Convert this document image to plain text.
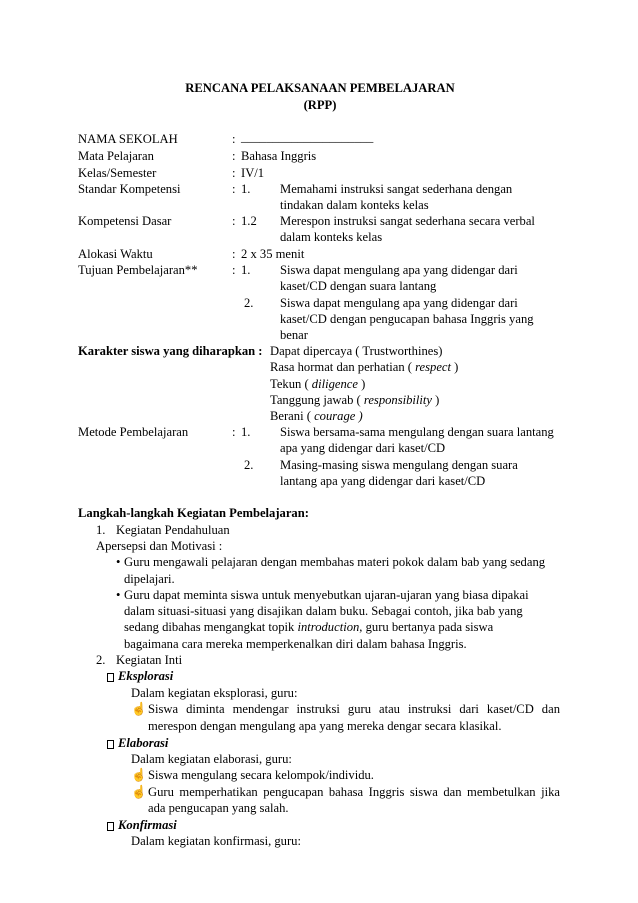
RENCANA PELAKSANAAN PEMBELAJARAN
(RPP)
NAMA SEKOLAH	: _____________________
Mata Pelajaran	: Bahasa Inggris
Kelas/Semester	: IV/1
Standar Kompetensi	: 1. Memahami instruksi sangat sederhana dengan
tindakan dalam konteks kelas
Kompetensi Dasar	: 1.2 Merespon instruksi sangat sederhana secara verbal
dalam konteks kelas
Alokasi Waktu	: 2 x 35 menit
Tujuan Pembelajaran**	: 1. Siswa dapat mengulang apa yang didengar dari
kaset/CD dengan suara lantang
2. Siswa dapat mengulang apa yang didengar dari
kaset/CD dengan pengucapan bahasa Inggris yang
benar
Karakter siswa yang diharapkan : Dapat dipercaya ( Trustworthines)
Rasa hormat dan perhatian ( respect )
Tekun ( diligence )
Tanggung jawab ( responsibility )
Berani ( courage )
Metode Pembelajaran	: 1. Siswa bersama-sama mengulang dengan suara lantang
apa yang didengar dari kaset/CD
2. Masing-masing siswa mengulang dengan suara
lantang apa yang didengar dari kaset/CD
Langkah-langkah Kegiatan Pembelajaran:
1. Kegiatan Pendahuluan
Apersepsi dan Motivasi :
• Guru mengawali pelajaran dengan membahas materi pokok dalam bab yang sedang
dipelajari.
• Guru dapat meminta siswa untuk menyebutkan ujaran-ujaran yang biasa dipakai
dalam situasi-situasi yang disajikan dalam buku. Sebagai contoh, jika bab yang
sedang dibahas mengangkat topik introduction, guru bertanya pada siswa
bagaimana cara mereka memperkenalkan diri dalam bahasa Inggris.
2. Kegiatan Inti
Eksplorasi
Dalam kegiatan eksplorasi, guru:
☝ Siswa diminta mendengar instruksi guru atau instruksi dari kaset/CD dan
merespon dengan mengulang apa yang mereka dengar secara klasikal.
Elaborasi
Dalam kegiatan elaborasi, guru:
☝ Siswa mengulang secara kelompok/individu.
☝ Guru memperhatikan pengucapan bahasa Inggris siswa dan membetulkan jika
ada pengucapan yang salah.
Konfirmasi
Dalam kegiatan konfirmasi, guru:
